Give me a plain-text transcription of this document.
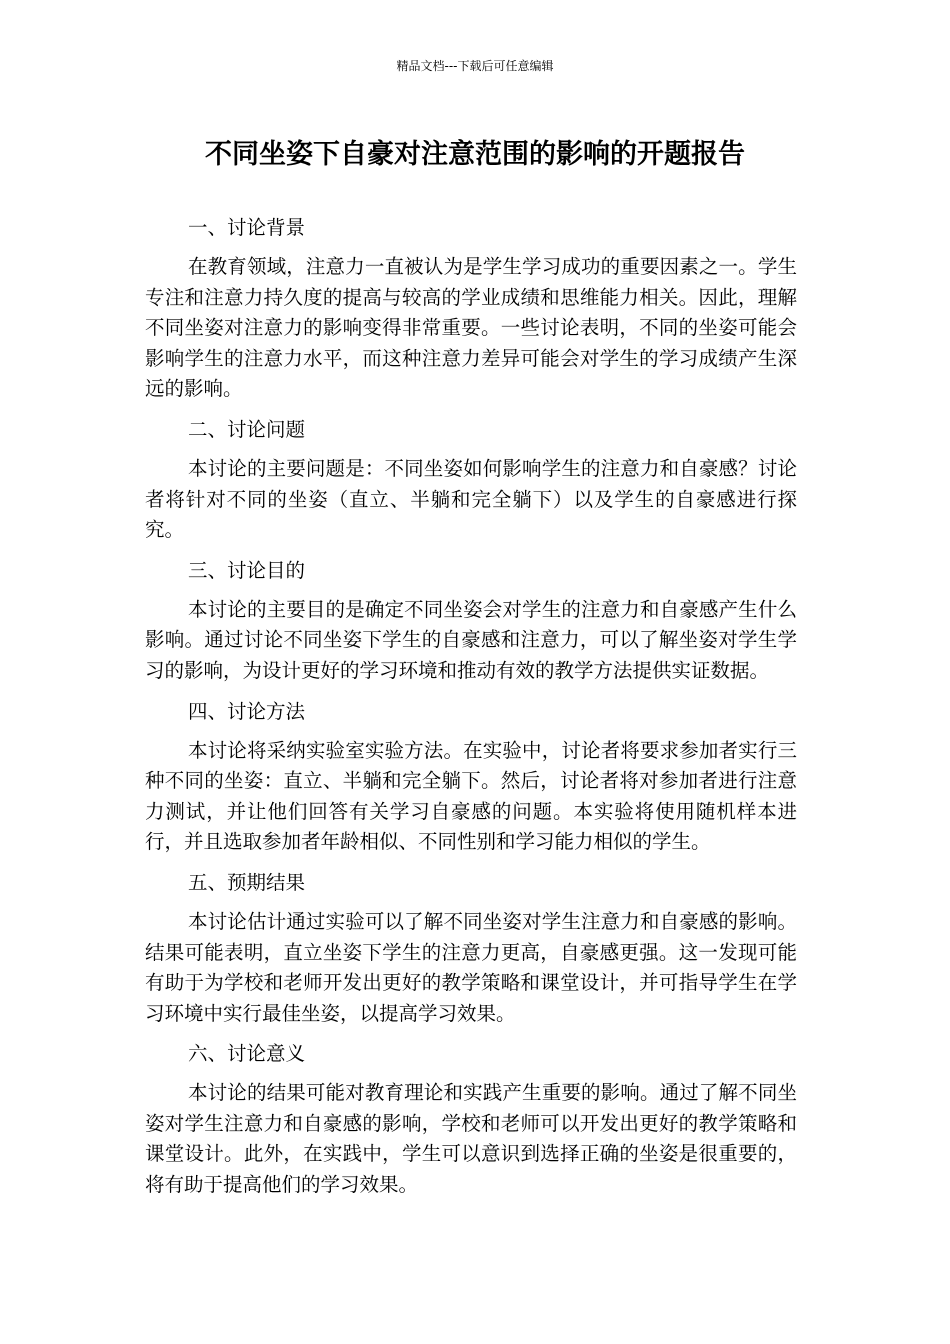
精品文档---下载后可任意编辑
不同坐姿下自豪对注意范围的影响的开题报告
一、讨论背景
在教育领域，注意力一直被认为是学生学习成功的重要因素之一。学生专注和注意力持久度的提高与较高的学业成绩和思维能力相关。因此，理解不同坐姿对注意力的影响变得非常重要。一些讨论表明，不同的坐姿可能会影响学生的注意力水平，而这种注意力差异可能会对学生的学习成绩产生深远的影响。
二、讨论问题
本讨论的主要问题是：不同坐姿如何影响学生的注意力和自豪感？讨论者将针对不同的坐姿（直立、半躺和完全躺下）以及学生的自豪感进行探究。
三、讨论目的
本讨论的主要目的是确定不同坐姿会对学生的注意力和自豪感产生什么影响。通过讨论不同坐姿下学生的自豪感和注意力，可以了解坐姿对学生学习的影响，为设计更好的学习环境和推动有效的教学方法提供实证数据。
四、讨论方法
本讨论将采纳实验室实验方法。在实验中，讨论者将要求参加者实行三种不同的坐姿：直立、半躺和完全躺下。然后，讨论者将对参加者进行注意力测试，并让他们回答有关学习自豪感的问题。本实验将使用随机样本进行，并且选取参加者年龄相似、不同性别和学习能力相似的学生。
五、预期结果
本讨论估计通过实验可以了解不同坐姿对学生注意力和自豪感的影响。结果可能表明，直立坐姿下学生的注意力更高，自豪感更强。这一发现可能有助于为学校和老师开发出更好的教学策略和课堂设计，并可指导学生在学习环境中实行最佳坐姿，以提高学习效果。
六、讨论意义
本讨论的结果可能对教育理论和实践产生重要的影响。通过了解不同坐姿对学生注意力和自豪感的影响，学校和老师可以开发出更好的教学策略和课堂设计。此外，在实践中，学生可以意识到选择正确的坐姿是很重要的，将有助于提高他们的学习效果。
